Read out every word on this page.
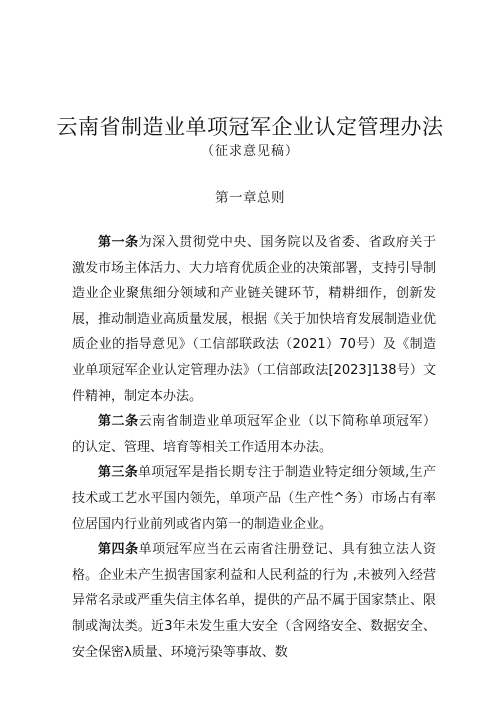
云南省制造业单项冠军企业认定管理办法
（征求意见稿）
第一章总则

第一条为深入贯彻党中央、国务院以及省委、省政府关于激发市场主体活力、大力培育优质企业的决策部署，支持引导制造业企业聚焦细分领域和产业链关键环节，精耕细作，创新发展，推动制造业高质量发展，根据《关于加快培育发展制造业优质企业的指导意见》（工信部联政法（2021）70号）及《制造业单项冠军企业认定管理办法》（工信部政法[2023]138号）文件精神，制定本办法。

第二条云南省制造业单项冠军企业（以下简称单项冠军）的认定、管理、培育等相关工作适用本办法。

第三条单项冠军是指长期专注于制造业特定细分领域,生产技术或工艺水平国内领先，单项产品（生产性^务）市场占有率位居国内行业前列或省内第一的制造业企业。

第四条单项冠军应当在云南省注册登记、具有独立法人资格。企业未产生损害国家利益和人民利益的行为 ,未被列入经营异常名录或严重失信主体名单，提供的产品不属于国家禁止、限制或淘汰类。近3年未发生重大安全（含网络安全、数据安全、安全保密λ质量、环境污染等事故、数
